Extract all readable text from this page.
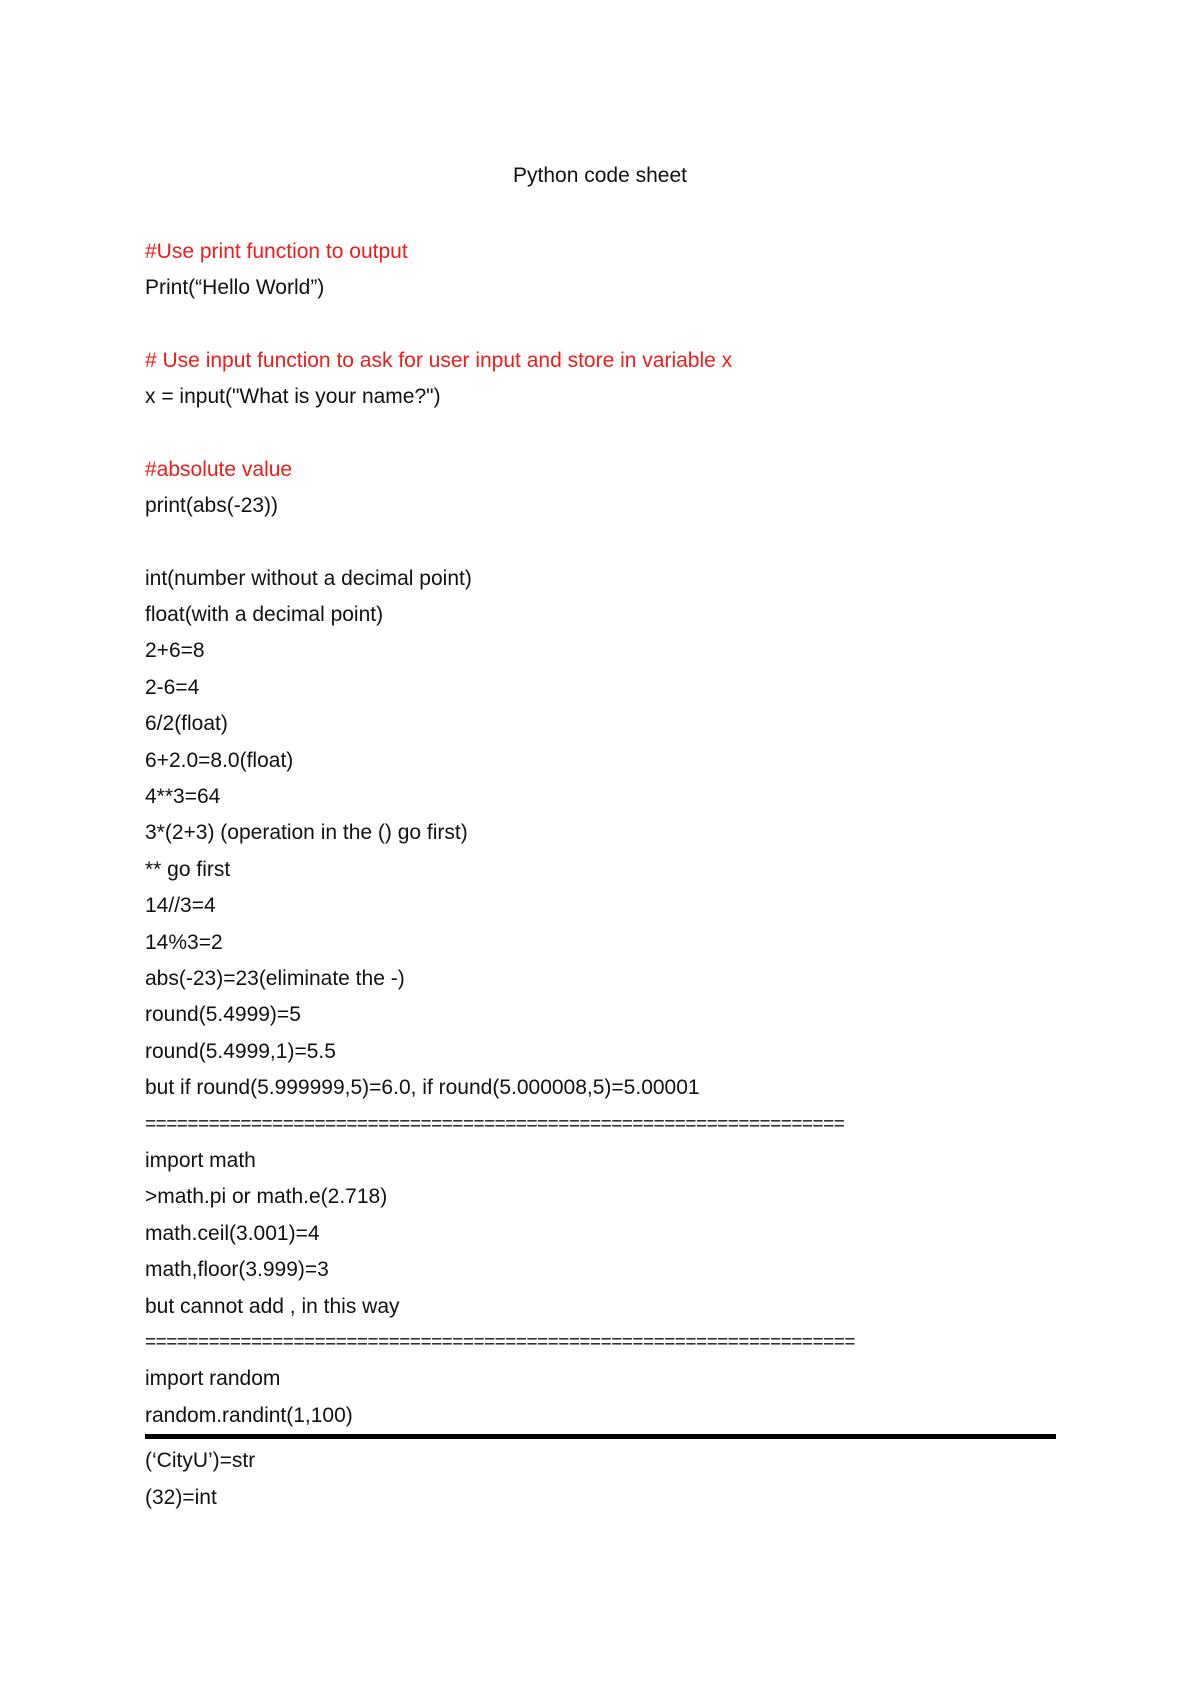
Python code sheet
#Use print function to output
Print(“Hello World”)
# Use input function to ask for user input and store in variable x
x = input("What is your name?")
#absolute value
print(abs(-23))
int(number without a decimal point)
float(with a decimal point)
2+6=8
2-6=4
6/2(float)
6+2.0=8.0(float)
4**3=64
3*(2+3) (operation in the () go first)
** go first
14//3=4
14%3=2
abs(-23)=23(eliminate the -)
round(5.4999)=5
round(5.4999,1)=5.5
but if round(5.999999,5)=6.0, if round(5.000008,5)=5.00001
==================================================================
import math
>math.pi or math.e(2.718)
math.ceil(3.001)=4
math,floor(3.999)=3
but cannot add , in this way
===================================================================
import random
random.randint(1,100)
(‘CityU’)=str
(32)=int
